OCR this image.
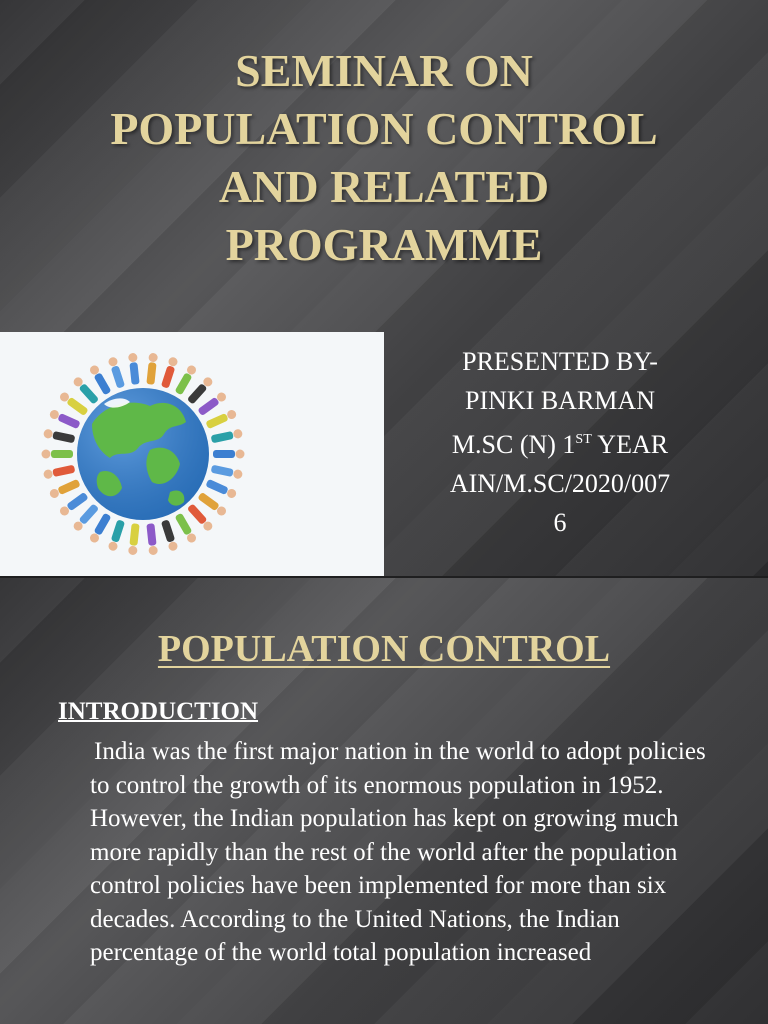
SEMINAR ON
POPULATION CONTROL
AND RELATED
PROGRAMME
PRESENTED BY-
PINKI BARMAN
M.SC (N) 1ST YEAR
AIN/M.SC/2020/007
6
POPULATION CONTROL
INTRODUCTION
India was the first major nation in the world to adopt policies to control the growth of its enormous population in 1952. However, the Indian population has kept on growing much more rapidly than the rest of the world after the population control policies have been implemented for more than six decades. According to the United Nations, the Indian percentage of the world total population increased
